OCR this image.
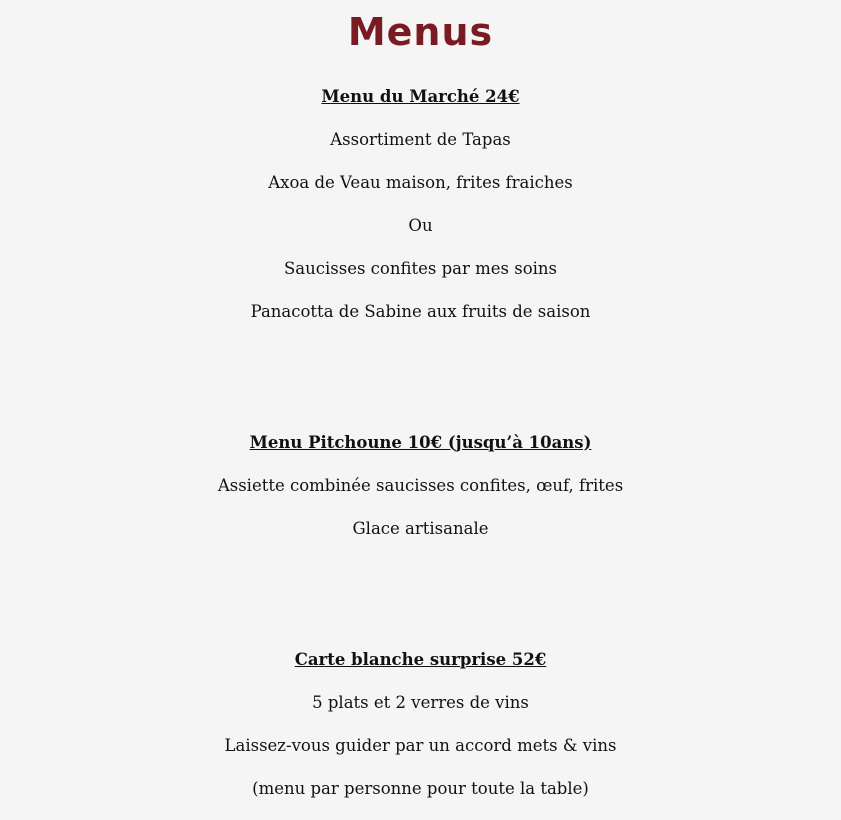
Menus
Menu du Marché 24€
Assortiment de Tapas
Axoa de Veau maison, frites fraiches
Ou
Saucisses confites par mes soins
Panacotta de Sabine aux fruits de saison
Menu Pitchoune 10€ (jusqu’à 10ans)
Assiette combinée saucisses confites, œuf, frites
Glace artisanale
Carte blanche surprise 52€
5 plats et 2 verres de vins
Laissez-vous guider par un accord mets & vins
(menu par personne pour toute la table)
